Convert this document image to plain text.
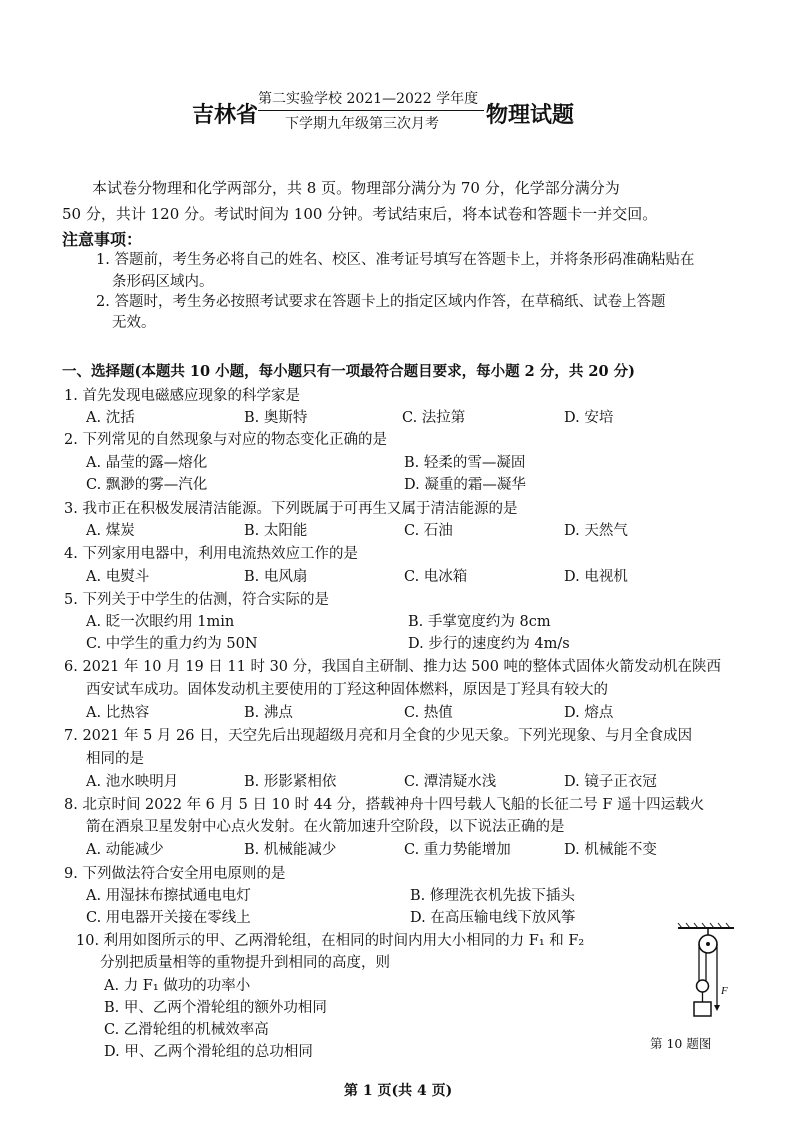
吉林省
第二实验学校 2021—2022 学年度
下学期九年级第三次月考 物理试题
本试卷分物理和化学两部分，共 8 页。物理部分满分为 70 分，化学部分满分为
50 分，共计 120 分。考试时间为 100 分钟。考试结束后，将本试卷和答题卡一并交回。
注意事项：
1. 答题前，考生务必将自己的姓名、校区、准考证号填写在答题卡上，并将条形码准确粘贴在
条形码区域内。
2. 答题时，考生务必按照考试要求在答题卡上的指定区域内作答，在草稿纸、试卷上答题
无效。
一、选择题(本题共 10 小题，每小题只有一项最符合题目要求，每小题 2 分，共 20 分)
1. 首先发现电磁感应现象的科学家是
A. 沈括	B. 奥斯特	C. 法拉第	D. 安培
2. 下列常见的自然现象与对应的物态变化正确的是
A. 晶莹的露—熔化	B. 轻柔的雪—凝固
C. 飘渺的雾—汽化	D. 凝重的霜—凝华
3. 我市正在积极发展清洁能源。下列既属于可再生又属于清洁能源的是
A. 煤炭	B. 太阳能	C. 石油	D. 天然气
4. 下列家用电器中，利用电流热效应工作的是
A. 电熨斗	B. 电风扇	C. 电冰箱	D. 电视机
5. 下列关于中学生的估测，符合实际的是
A. 眨一次眼约用 1min	B. 手掌宽度约为 8cm
C. 中学生的重力约为 50N	D. 步行的速度约为 4m/s
6. 2021 年 10 月 19 日 11 时 30 分，我国自主研制、推力达 500 吨的整体式固体火箭发动机在陕西
西安试车成功。固体发动机主要使用的丁羟这种固体燃料，原因是丁羟具有较大的
A. 比热容	B. 沸点	C. 热值	D. 熔点
7. 2021 年 5 月 26 日，天空先后出现超级月亮和月全食的少见天象。下列光现象、与月全食成因
相同的是
A. 池水映明月	B. 形影紧相依	C. 潭清疑水浅	D. 镜子正衣冠
8. 北京时间 2022 年 6 月 5 日 10 时 44 分，搭载神舟十四号载人飞船的长征二号 F 遥十四运载火
箭在酒泉卫星发射中心点火发射。在火箭加速升空阶段，以下说法正确的是
A. 动能减少	B. 机械能减少	C. 重力势能增加	D. 机械能不变
9. 下列做法符合安全用电原则的是
A. 用湿抹布擦拭通电电灯	B. 修理洗衣机先拔下插头
C. 用电器开关接在零线上	D. 在高压输电线下放风筝
10. 利用如图所示的甲、乙两滑轮组，在相同的时间内用大小相同的力 F₁ 和 F₂
分别把质量相等的重物提升到相同的高度，则
A. 力 F₁ 做功的功率小
B. 甲、乙两个滑轮组的额外功相同
C. 乙滑轮组的机械效率高
D. 甲、乙两个滑轮组的总功相同
F
第 10 题图
第 1 页(共 4 页)
